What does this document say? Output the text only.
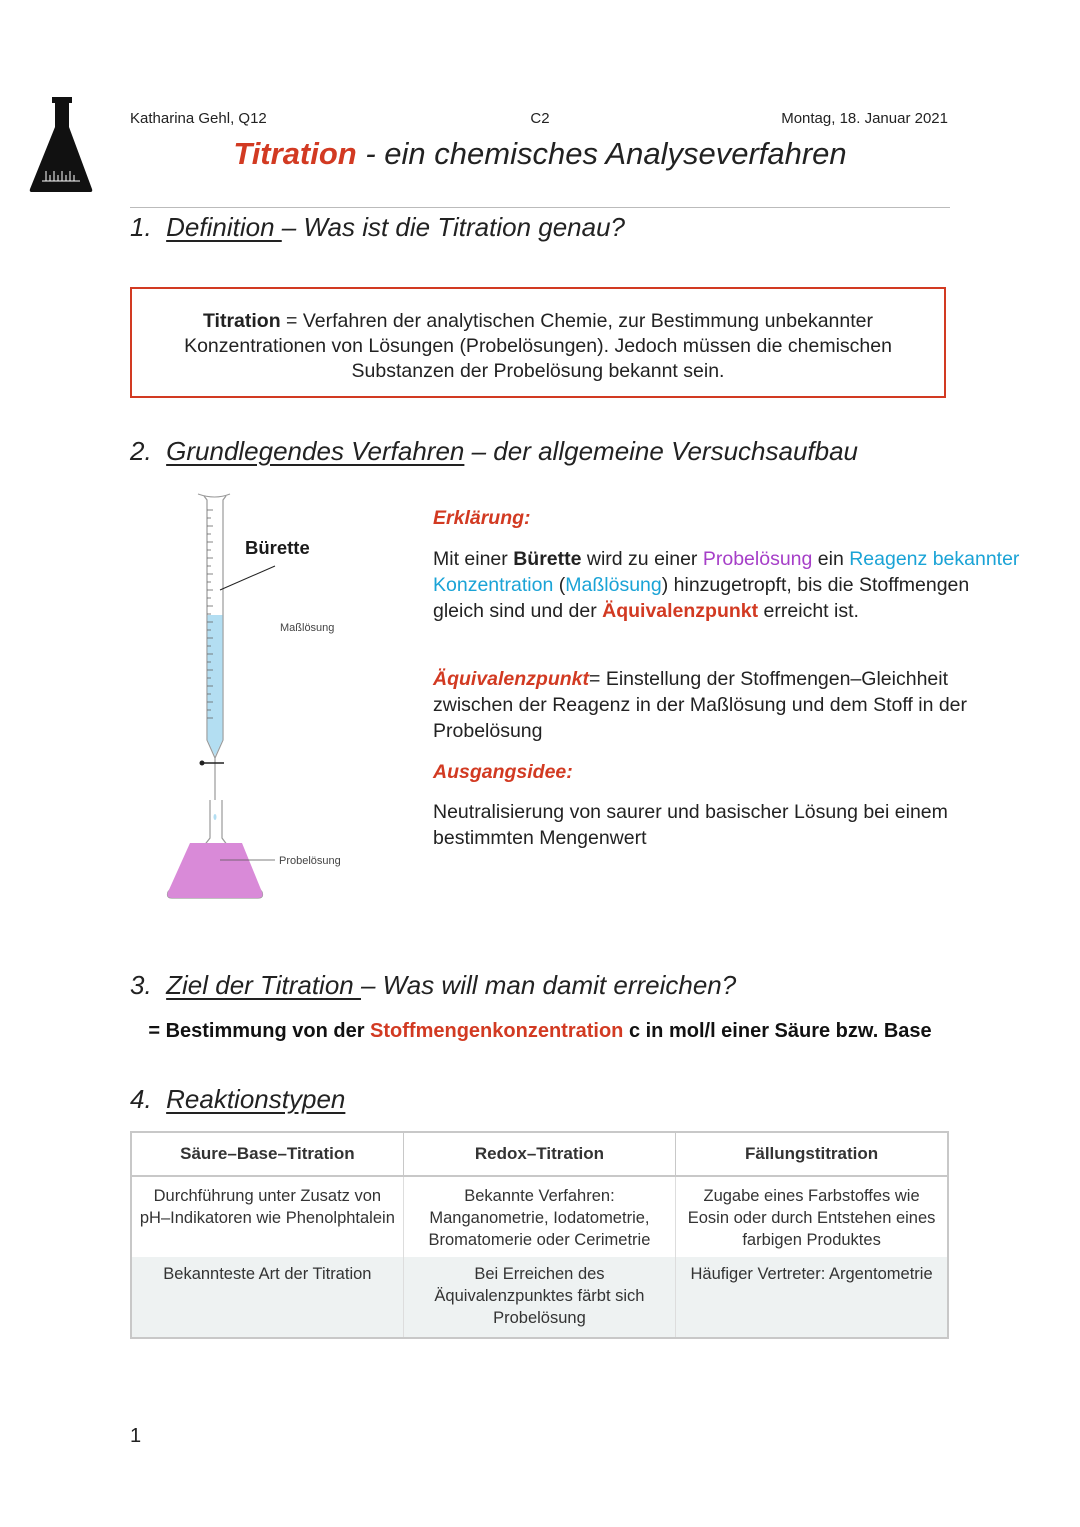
Katharina Gehl, Q12	C2	Montag, 18. Januar 2021
Titration - ein chemisches Analyseverfahren
1. Definition – Was ist die Titration genau?
Titration = Verfahren der analytischen Chemie, zur Bestimmung unbekannter Konzentrationen von Lösungen (Probelösungen). Jedoch müssen die chemischen Substanzen der Probelösung bekannt sein.
2. Grundlegendes Verfahren – der allgemeine Versuchsaufbau
Bürette
Maßlösung
Probelösung
Erklärung:
Mit einer Bürette wird zu einer Probelösung ein Reagenz bekannter Konzentration (Maßlösung) hinzugetropft, bis die Stoffmengen gleich sind und der Äquivalenzpunkt erreicht ist.
Äquivalenzpunkt= Einstellung der Stoffmengen–Gleichheit zwischen der Reagenz in der Maßlösung und dem Stoff in der Probelösung
Ausgangsidee:
Neutralisierung von saurer und basischer Lösung bei einem bestimmten Mengenwert
3. Ziel der Titration – Was will man damit erreichen?
= Bestimmung von der Stoffmengenkonzentration c in mol/l einer Säure bzw. Base
4. Reaktionstypen
Säure–Base–Titration	Redox–Titration	Fällungstitration
Durchführung unter Zusatz von pH–Indikatoren wie Phenolphtalein	Bekannte Verfahren: Manganometrie, Iodatometrie, Bromatomerie oder Cerimetrie	Zugabe eines Farbstoffes wie Eosin oder durch Entstehen eines farbigen Produktes
Bekannteste Art der Titration	Bei Erreichen des Äquivalenzpunktes färbt sich Probelösung	Häufiger Vertreter: Argentometrie
1
